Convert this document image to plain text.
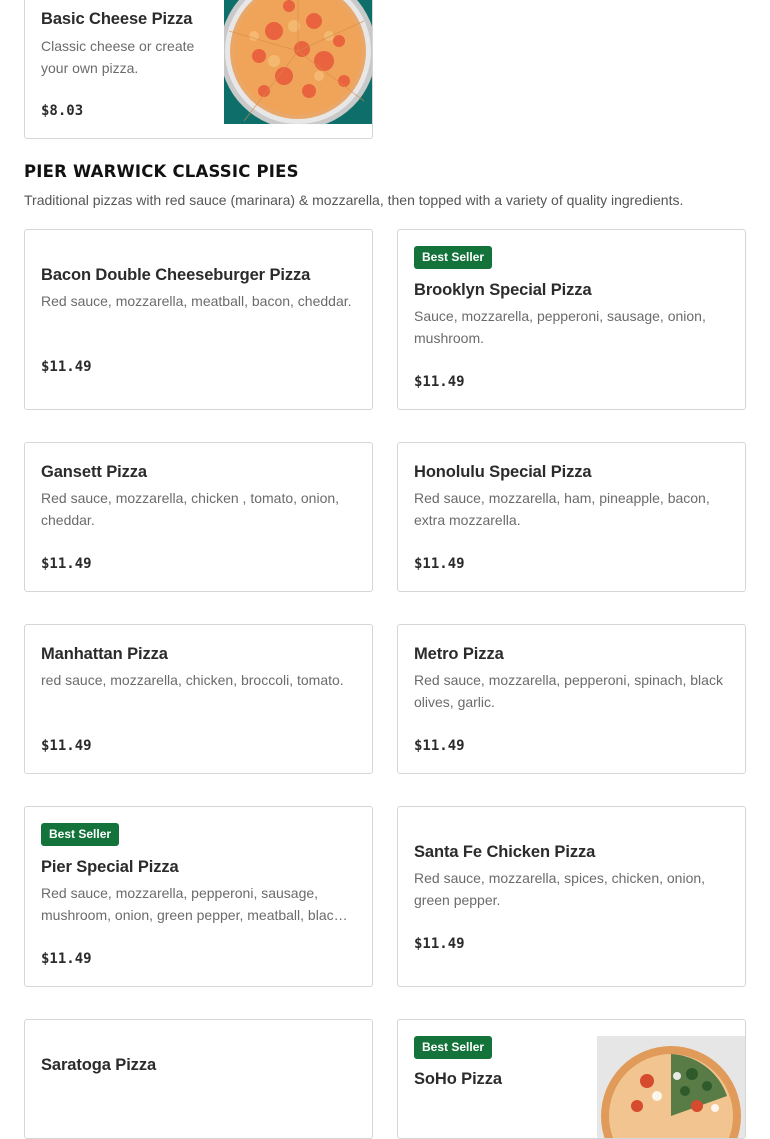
Basic Cheese Pizza

Classic cheese or create your own pizza.

$8.03

PIER WARWICK CLASSIC PIES

Traditional pizzas with red sauce (marinara) & mozzarella, then topped with a variety of quality ingredients.

Bacon Double Cheeseburger Pizza

Red sauce, mozzarella, meatball, bacon, cheddar.

$11.49

Best Seller
Brooklyn Special Pizza

Sauce, mozzarella, pepperoni, sausage, onion, mushroom.

$11.49

Gansett Pizza

Red sauce, mozzarella, chicken , tomato, onion, cheddar.

$11.49

Honolulu Special Pizza

Red sauce, mozzarella, ham, pineapple, bacon, extra mozzarella.

$11.49

Manhattan Pizza

red sauce, mozzarella, chicken, broccoli, tomato.

$11.49

Metro Pizza

Red sauce, mozzarella, pepperoni, spinach, black olives, garlic.

$11.49

Best Seller
Pier Special Pizza

Red sauce, mozzarella, pepperoni, sausage, mushroom, onion, green pepper, meatball, blac…

$11.49

Santa Fe Chicken Pizza

Red sauce, mozzarella, spices, chicken, onion, green pepper.

$11.49

Saratoga Pizza
Best Seller
SoHo Pizza
